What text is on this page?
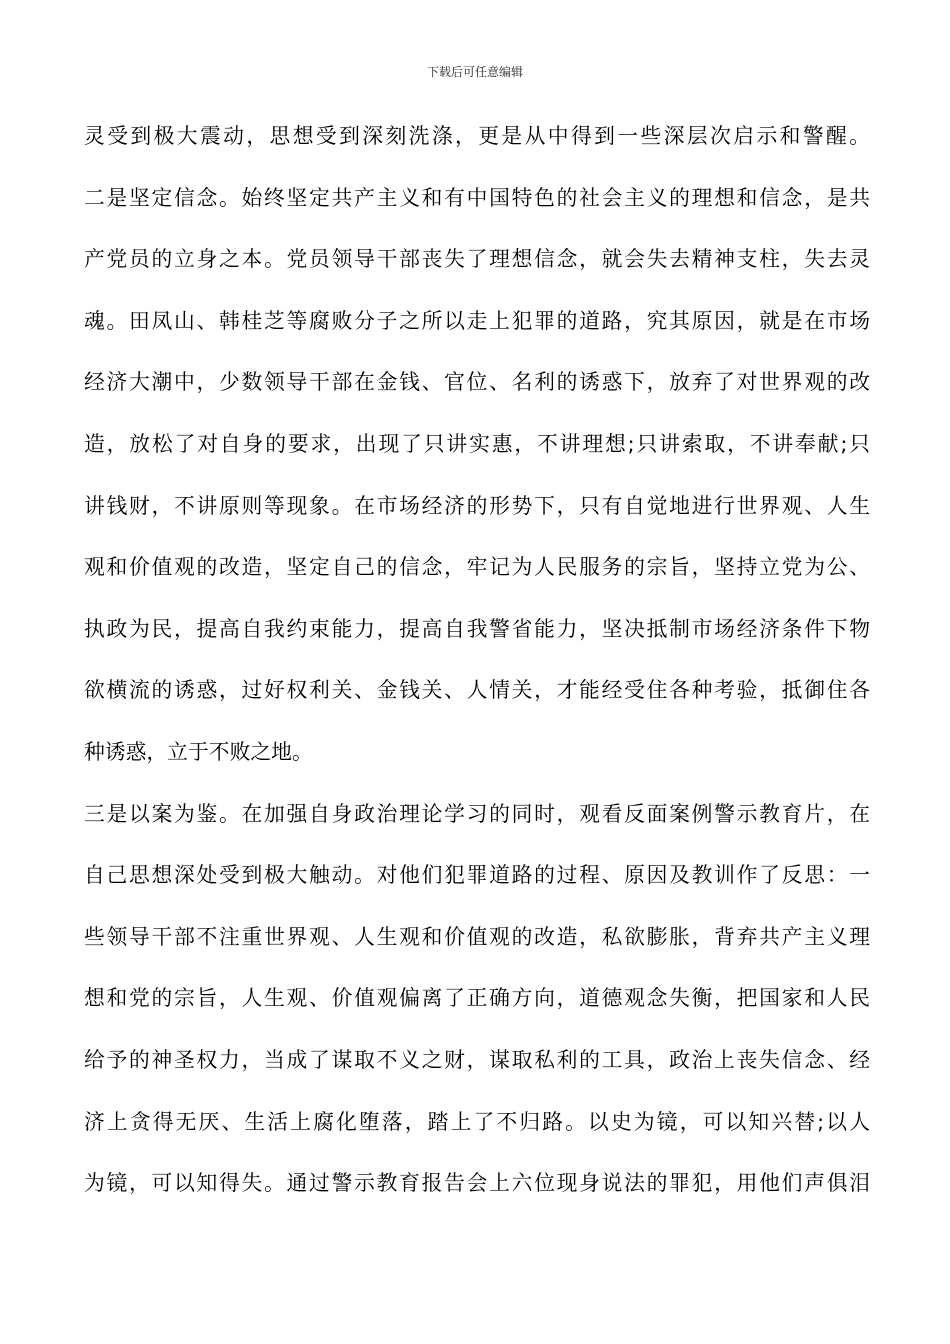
下载后可任意编辑
灵受到极大震动，思想受到深刻洗涤，更是从中得到一些深层次启示和警醒。
二是坚定信念。始终坚定共产主义和有中国特色的社会主义的理想和信念，是共
产党员的立身之本。党员领导干部丧失了理想信念，就会失去精神支柱，失去灵
魂。田凤山、韩桂芝等腐败分子之所以走上犯罪的道路，究其原因，就是在市场
经济大潮中，少数领导干部在金钱、官位、名利的诱惑下，放弃了对世界观的改
造，放松了对自身的要求，出现了只讲实惠，不讲理想;只讲索取，不讲奉献;只
讲钱财，不讲原则等现象。在市场经济的形势下，只有自觉地进行世界观、人生
观和价值观的改造，坚定自己的信念，牢记为人民服务的宗旨，坚持立党为公、
执政为民，提高自我约束能力，提高自我警省能力，坚决抵制市场经济条件下物
欲横流的诱惑，过好权利关、金钱关、人情关，才能经受住各种考验，抵御住各
种诱惑，立于不败之地。
三是以案为鉴。在加强自身政治理论学习的同时，观看反面案例警示教育片，在
自己思想深处受到极大触动。对他们犯罪道路的过程、原因及教训作了反思：一
些领导干部不注重世界观、人生观和价值观的改造，私欲膨胀，背弃共产主义理
想和党的宗旨，人生观、价值观偏离了正确方向，道德观念失衡，把国家和人民
给予的神圣权力，当成了谋取不义之财，谋取私利的工具，政治上丧失信念、经
济上贪得无厌、生活上腐化堕落，踏上了不归路。以史为镜，可以知兴替;以人
为镜，可以知得失。通过警示教育报告会上六位现身说法的罪犯，用他们声俱泪
